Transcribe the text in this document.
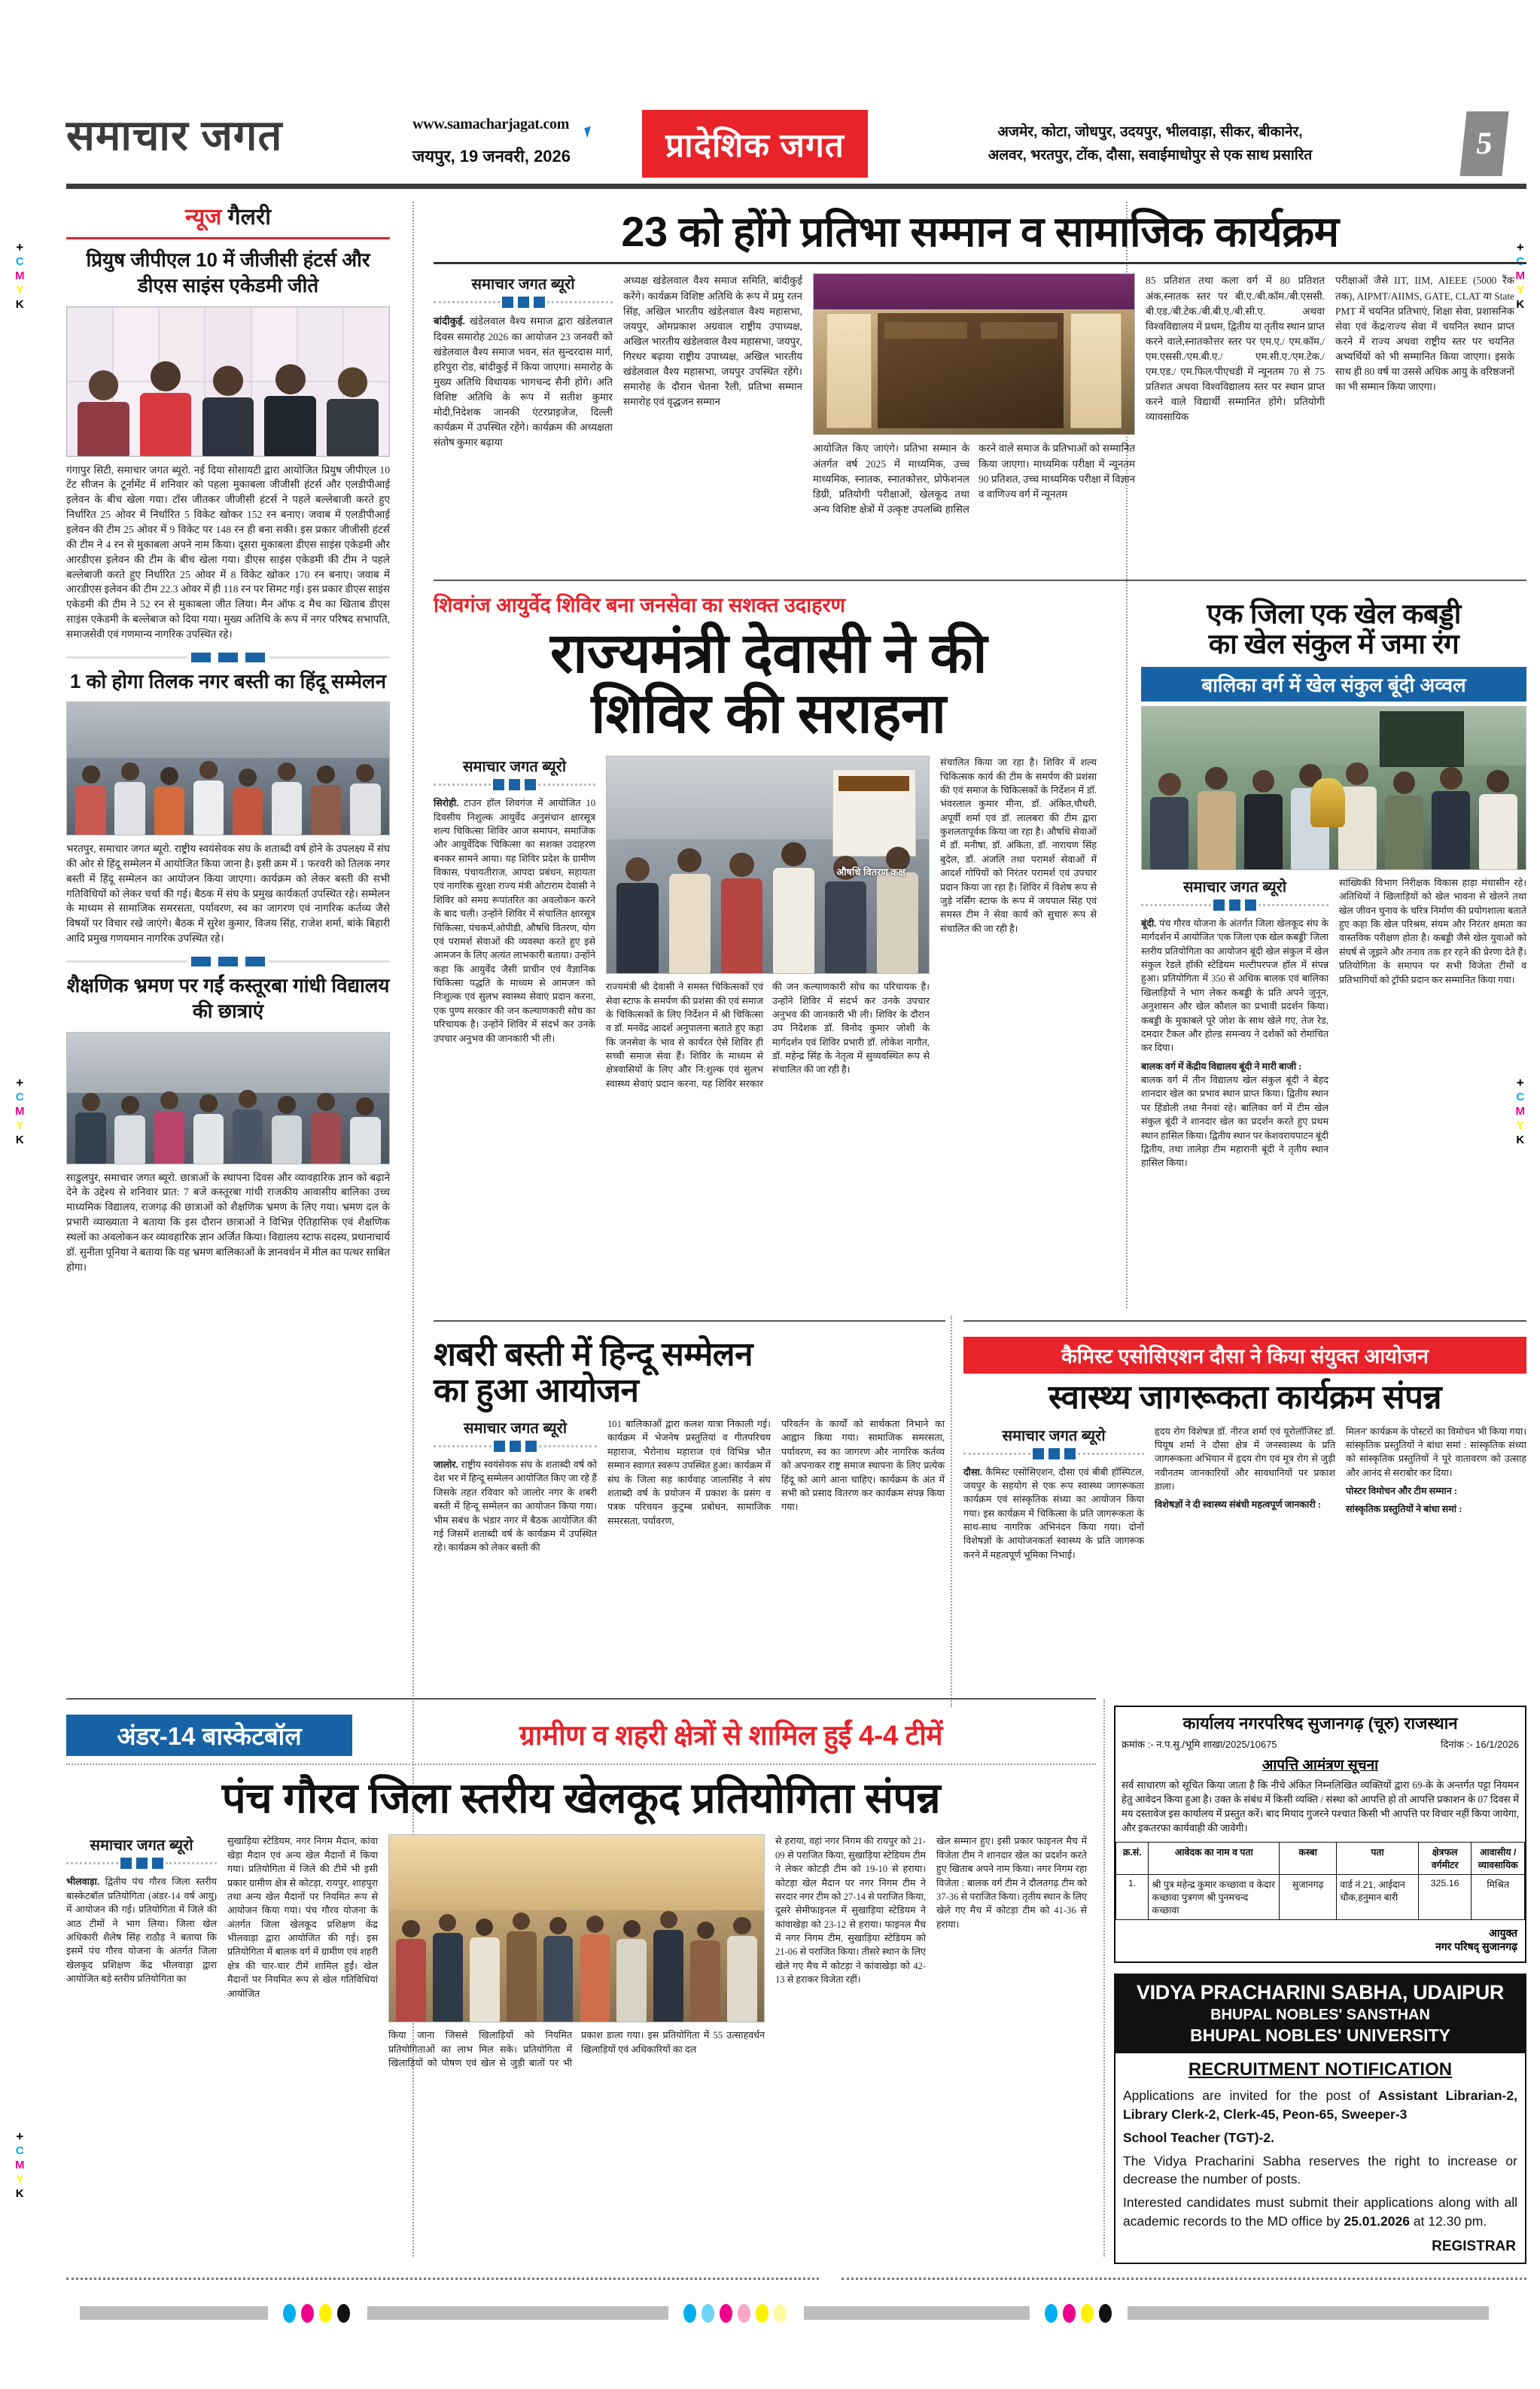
+
C
M
Y
K
+
M
Y
K
+
C
M
Y
K
+
C
M
Y
K
+
C
M
Y
K
समाचार जगत	www.samacharjagat.com
जयपुर, 19 जनवरी, 2026	प्रादेशिक जगत	अजमेर, कोटा, जोधपुर, उदयपुर, भीलवाड़ा, सीकर, बीकानेर,
अलवर, भरतपुर, टोंक, दौसा, सवाईमाधोपुर से एक साथ प्रसारित	5
न्यूज गैलरी
प्रियुष जीपीएल 10 में जीजीसी हंटर्स और डीएस साइंस एकेडमी जीते
गंगापुर सिटी, समाचार जगत ब्यूरो. नई दिया सोसायटी द्वारा आयोजित प्रियुष जीपीएल 10 टेंट सीजन के टूर्नामेंट में शनिवार को पहला मुकाबला जीजीसी हंटर्स और एलडीपीआई इलेवन के बीच खेला गया। टॉस जीतकर जीजीसी हंटर्स ने पहले बल्लेबाजी करते हुए निर्धारित 25 ओवर में निर्धारित 5 विकेट खोकर 152 रन बनाए। जवाब में एलडीपीआई इलेवन की टीम 25 ओवर में 9 विकेट पर 148 रन ही बना सकी। इस प्रकार जीजीसी हंटर्स की टीम ने 4 रन से मुकाबला अपने नाम किया। दूसरा मुकाबला डीएस साइंस एकेडमी और आरडीएस इलेवन की टीम के बीच खेला गया। डीएस साइंस एकेडमी की टीम ने पहले बल्लेबाजी करते हुए निर्धारित 25 ओवर में 8 विकेट खोकर 170 रन बनाए। जवाब में आरडीएस इलेवन की टीम 22.3 ओवर में ही 118 रन पर सिमट गई। इस प्रकार डीएस साइंस एकेडमी की टीम ने 52 रन से मुकाबला जीत लिया। मैन ऑफ द मैच का खिताब डीएस साइंस एकेडमी के बल्लेबाज को दिया गया। मुख्य अतिथि के रूप में नगर परिषद सभापति, समाजसेवी एवं गणमान्य नागरिक उपस्थित रहे।
1 को होगा तिलक नगर बस्ती का हिंदू सम्मेलन
भरतपुर, समाचार जगत ब्यूरो. राष्ट्रीय स्वयंसेवक संघ के शताब्दी वर्ष होने के उपलक्ष्य में संघ की ओर से हिंदू सम्मेलन में आयोजित किया जाना है। इसी क्रम में 1 फरवरी को तिलक नगर बस्ती में हिंदू सम्मेलन का आयोजन किया जाएगा। कार्यक्रम को लेकर बस्ती की सभी गतिविधियों को लेकर चर्चा की गई। बैठक में संघ के प्रमुख कार्यकर्ता उपस्थित रहे। सम्मेलन के माध्यम से सामाजिक समरसता, पर्यावरण, स्व का जागरण एवं नागरिक कर्तव्य जैसे विषयों पर विचार रखे जाएंगे। बैठक में सुरेश कुमार, विजय सिंह, राजेश शर्मा, बांके बिहारी आदि प्रमुख गणयमान नागरिक उपस्थित रहे।
शैक्षणिक भ्रमण पर गईं कस्तूरबा गांधी विद्यालय की छात्राएं
साडुलपुर, समाचार जगत ब्यूरो. छात्राओं के स्थापना दिवस और व्यावहारिक ज्ञान को बढ़ाने देने के उद्देश्य से शनिवार प्रात: 7 बजे कस्तूरबा गांधी राजकीय आवासीय बालिका उच्च माध्यमिक विद्यालय, राजगढ़ की छात्राओं को शैक्षणिक भ्रमण के लिए गया। भ्रमण दल के प्रभारी व्याख्याता ने बताया कि इस दौरान छात्राओं ने विभिन्न ऐतिहासिक एवं शैक्षणिक स्थलों का अवलोकन कर व्यावहारिक ज्ञान अर्जित किया। विद्यालय स्टाफ सदस्य, प्रधानाचार्य डॉ. सुनीता पूनिया ने बताया कि यह भ्रमण बालिकाओं के ज्ञानवर्धन में मील का पत्थर साबित होगा।
23 को होंगे प्रतिभा सम्मान व सामाजिक कार्यक्रम
समाचार जगत ब्यूरो
बांदीकुई. खंडेलवाल वैश्य समाज द्वारा खंडेलवाल दिवस समारोह 2026 का आयोजन 23 जनवरी को खंडेलवाल वैश्य समाज भवन, संत सुन्दरदास मार्ग, हरिपुरा रोड, बांदीकुई में किया जाएगा। समारोह के मुख्य अतिथि विधायक भागचन्द सैनी होंगे। अति विशिष्ट अतिथि के रूप में सतीश कुमार मोदी,निदेशक जानकी एंटरप्राइजेज, दिल्ली कार्यक्रम में उपस्थित रहेंगे। कार्यक्रम की अध्यक्षता संतोष कुमार बढ़ाया
अध्यक्ष खंडेलवाल वैश्य समाज समिति, बांदीकुई करेंगे। कार्यक्रम विशिष्ट अतिथि के रूप में प्रमु रतन सिंह, अखिल भारतीय खंडेलवाल वैश्य महासभा, जयपुर, ओमप्रकाश अग्रवाल राष्ट्रीय उपाध्यक्ष, अखिल भारतीय खंडेलवाल वैश्य महासभा, जयपुर, गिरधर बढ़ाया राष्ट्रीय उपाध्यक्ष, अखिल भारतीय खंडेलवाल वैश्य महासभा, जयपुर उपस्थित रहेंगे। समारोह के दौरान चेतना रैली, प्रतिभा सम्मान समारोह एवं वृद्धजन सम्मान
आयोजित किए जाएंगे। प्रतिभा सम्मान के अंतर्गत वर्ष 2025 में माध्यमिक, उच्च माध्यमिक, स्नातक, स्नातकोत्तर, प्रोफेशनल डिग्री, प्रतियोगी परीक्षाओं, खेलकूद तथा अन्य विशिष्ट क्षेत्रों में उत्कृष्ट उपलब्धि हासिल करने वाले समाज के प्रतिभाओं को सम्मानित किया जाएगा। माध्यमिक परीक्षा में न्यूनतम 90 प्रतिशत, उच्च माध्यमिक परीक्षा में विज्ञान व वाणिज्य वर्ग में न्यूनतम
85 प्रतिशत तथा कला वर्ग में 80 प्रतिशत अंक,स्नातक स्तर पर बी.ए./बी.कॉम./बी.एससी. बी.एड./बी.टेक./बी.बी.ए./बी.सी.ए. अथवा विश्वविद्यालय में प्रथम, द्वितीय या तृतीय स्थान प्राप्त करने वाले,स्नातकोत्तर स्तर पर एम.ए./ एम.कॉम./एम.एससी./एम.बी.ए./ एम.सी.ए./एम.टेक./एम.एड./ एम.फिल/पीएचडी में न्यूनतम 70 से 75 प्रतिशत अथवा विश्वविद्यालय स्तर पर स्थान प्राप्त करने वाले विद्यार्थी सम्मानित होंगे। प्रतियोगी व्यावसायिक
परीक्षाओं जैसे IIT, IIM, AIEEE (5000 रैंक तक), AIPMT/AIIMS, GATE, CLAT या State PMT में चयनित प्रतिभाएं, शिक्षा सेवा, प्रशासनिक सेवा एवं केंद्र/राज्य सेवा में चयनित स्थान प्राप्त करने में राज्य अथवा राष्ट्रीय स्तर पर चयनित अभ्यर्थियों को भी सम्मानित किया जाएगा। इसके साथ ही 80 वर्ष या उससे अधिक आयु के वरिष्ठजनों का भी सम्मान किया जाएगा।
शिवगंज आयुर्वेद शिविर बना जनसेवा का सशक्त उदाहरण
राज्यमंत्री देवासी ने की
शिविर की सराहना
समाचार जगत ब्यूरो
सिरोही. टाउन हॉल शिवगंज में आयोजित 10 दिवसीय निशुल्क आयुर्वेद अनुसंधान क्षारसूत्र शल्य चिकित्सा शिविर आज समापन, समाजिक और आयुर्वेदिक चिकित्सा का सशक्त उदाहरण बनकर सामने आया। यह शिविर प्रदेश के ग्रामीण विकास, पंचायतीराज, आपदा प्रबंधन, सहायता एवं नागरिक सुरक्षा राज्य मंत्री ओटाराम देवासी ने शिविर को समग्र रूपांतरित का अवलोकन करने के बाद चली। उन्होंने शिविर में संचालित क्षारसूत्र चिकित्सा, पंचकर्म,ओपीडी, औषधि वितरण, योग एवं परामर्श सेवाओं की व्यवस्था करते हुए इसे आमजन के लिए अत्यंत लाभकारी बताया। उन्होंने कहा कि आयुर्वेद जैसी प्राचीन एवं वैज्ञानिक चिकित्सा पद्धति के माध्यम से आमजन को निःशुल्क एवं सुलभ स्वास्थ्य सेवाएं प्रदान करना, एक पुण्य सरकार की जन कल्याणकारी सोच का परिचायक है। उन्होंने शिविर में संदर्भ कर उनके उपचार अनुभव की जानकारी भी ली।
औषधि वितरण कक्ष
राज्यमंत्री श्री देवासी ने समस्त चिकित्सकों एवं सेवा स्टाफ के समर्पण की प्रशंसा की एवं समाज के चिकित्सकों के लिए निर्देशन में श्री चिकित्सा व डॉ. मनवेंद्र आदर्श अनुपालना बताते हुए कहा कि जनसेवा के भाव से कार्यरत ऐसे शिविर ही सच्ची समाज सेवा हैं। शिविर के माध्यम से क्षेत्रवासियों के लिए और नि:शुल्क एवं सुलभ स्वास्थ्य सेवाएं प्रदान करना, यह शिविर सरकार की जन कल्याणकारी सोच का परिचायक है। उन्होंने शिविर में संदर्भ कर उनके उपचार अनुभव की जानकारी भी ली। शिविर के दौरान उप निदेशक डॉ. विनोद कुमार जोशी के मार्गदर्शन एवं शिविर प्रभारी डॉ. लोकेश नागौत, डॉ. महेन्द्र सिंह के नेतृत्व में सुव्यवस्थित रूप से संचालित की जा रही है।
संचालित किया जा रहा है। शिविर में शल्य चिकित्सक कार्य की टीम के समर्पण की प्रशंसा की एवं समाज के चिकित्सकों के निर्देशन में डॉ. भंवरलाल कुमार मीना, डॉ. अंकित,चौधरी, अपूर्वी शर्मा एवं डॉ. लालबरा की टीम द्वारा कुशलतापूर्वक किया जा रहा है। औषधि सेवाओं में डॉ. मनीषा, डॉ. अंकिता, डॉ. नारायण सिंह बुदेल, डॉ. अंजलि तथा परामर्श सेवाओं में आदर्श गोपियों को निरंतर परामर्श एवं उपचार प्रदान किया जा रहा है। शिविर में विशेष रूप से जुड़े नर्सिंग स्टाफ के रूप में जयपाल सिंह एवं समस्त टीम ने सेवा कार्य को सुचारु रूप से संचालित की जा रही है।
एक जिला एक खेल कबड्डी
का खेल संकुल में जमा रंग
बालिका वर्ग में खेल संकुल बूंदी अव्वल
समाचार जगत ब्यूरो
बूंदी. पंच गौरव योजना के अंतर्गत जिला खेलकूद संघ के मार्गदर्शन में आयोजित 'एक जिला एक खेल कबड्डी' जिला स्तरीय प्रतियोगिता का आयोजन बूंदी खेल संकुल में खेल संकुल रेडले हॉकी स्टेडियम मल्टीपरपज हॉल में संपन्न हुआ। प्रतियोगिता में 350 से अधिक बालक एवं बालिका खिलाड़ियों ने भाग लेकर कबड्डी के प्रति अपने जुनून, अनुशासन और खेल कौशल का प्रभावी प्रदर्शन किया। कबड्डी के मुकाबले पूरे जोश के साथ खेले गए, तेज रेड, दमदार टैकल और होल्ड समन्वय ने दर्शकों को रोमांचित कर दिया।
बालक वर्ग में केंद्रीय विद्यालय बूंदी ने मारी बाजी :
बालक वर्ग में तीन विद्यालय खेल संकुल बूंदी ने बेहद शानदार खेल का प्रभाव स्थान प्राप्त किया। द्वितीय स्थान पर हिंडोली तथा नैनवां रहे। बालिका वर्ग में टीम खेल संकुल बूंदी ने शानदार खेल का प्रदर्शन करते हुए प्रथम स्थान हासिल किया। द्वितीय स्थान पर केशवरायपाटन बूंदी द्वितीय, तथा तालेड़ा टीम महारानी बूंदी ने तृतीय स्थान हासिल किया।
सांख्यिकी विभाग निरीक्षक विकास हाड़ा मंचासीन रहे। अतिथियों ने खिलाड़ियों को खेल भावना से खेलने तथा खेल जीवन चुनाव के चरित्र निर्माण की प्रयोगशाला बताते हुए कहा कि खेल परिश्रम, संयम और निरंतर क्षमता का वास्तविक परीक्षण होता है। कबड्डी जैसे खेल युवाओं को संघर्ष से जूझने और तनाव तक हर रहने की प्रेरणा देते हैं। प्रतियोगिता के समापन पर सभी विजेता टीमों व प्रतिभागियों को ट्रॉफी प्रदान कर सम्मानित किया गया।
शबरी बस्ती में हिन्दू सम्मेलन
का हुआ आयोजन
समाचार जगत ब्यूरो
जालोर. राष्ट्रीय स्वयंसेवक संघ के शताब्दी वर्ष को देश भर में हिन्दू सम्मेलन आयोजित किए जा रहे हैं जिसके तहत रविवार को जालोर नगर के शबरी बस्ती में हिन्दू सम्मेलन का आयोजन किया गया। भीम सबंध के भंडार नगर में बैठक आयोजित की गई जिसमें शताब्दी वर्ष के कार्यक्रम में उपस्थित रहे। कार्यक्रम को लेकर बस्ती की
101 बालिकाओं द्वारा कलश यात्रा निकाली गई। कार्यक्रम में भेजनेष प्रस्तुतियां व गीतपरिचय महाराज, भैरोनाथ महाराज एवं विभिन्न भौत सम्मान स्वागत स्वरूप उपस्थित हुआ। कार्यक्रम में संघ के जिला सह कार्यवाह जालासिंह ने संघ शताब्दी वर्ष के प्रयोजन में प्रकाश के प्रसंग व पत्रक परिचयन कुटुम्ब प्रबोधन, सामाजिक समरसता, पर्यावरण,
परिवर्तन के कार्यों को सार्थकता निभाने का आह्वान किया गया। सामाजिक समरसता, पर्यावरण, स्व का जागरण और नागरिक कर्तव्य को अपनाकर राष्ट्र समाज स्थापना के लिए प्रत्येक हिंदू को आगे आना चाहिए। कार्यक्रम के अंत में सभी को प्रसाद वितरण कर कार्यक्रम संपन्न किया गया।
कैमिस्ट एसोसिएशन दौसा ने किया संयुक्त आयोजन
स्वास्थ्य जागरूकता कार्यक्रम संपन्न
समाचार जगत ब्यूरो
दौसा. कैमिस्ट एसोसिएशन, दौसा एवं बीबी हॉस्पिटल, जयपुर के सहयोग से एक रूप स्वास्थ्य जागरूकता कार्यक्रम एवं सांस्कृतिक संध्या का आयोजन किया गया। इस कार्यक्रम में चिकित्सा के प्रति जागरूकता के साथ-साथ नागरिक अभिनंदन किया गया। दोनों विशेषज्ञों के आयोजनकर्ता स्वास्थ्य के प्रति जागरूक करने में महत्वपूर्ण भूमिका निभाई।
हृदय रोग विशेषज्ञ डॉ. नीरज शर्मा एवं यूरोलॉजिस्ट डॉ. पियूष शर्मा ने दौसा क्षेत्र में जनस्वास्थ्य के प्रति जागरूकता अभियान में हृदय रोग एवं मूत्र रोग से जुड़ी नवीनतम जानकारियों और सावधानियों पर प्रकाश डाला।
विशेषज्ञों ने दी स्वास्थ्य संबंधी महत्वपूर्ण जानकारी :
मिलन' कार्यक्रम के पोस्टरों का विमोचन भी किया गया। सांस्कृतिक प्रस्तुतियों ने बांधा समां : सांस्कृतिक संध्या को सांस्कृतिक प्रस्तुतियों ने पूरे वातावरण को उत्साह और आनंद से सराबोर कर दिया।
पोस्टर विमोचन और टीम सम्मान :
सांस्कृतिक प्रस्तुतियों ने बांधा समां :
अंडर-14 बास्केटबॉल	ग्रामीण व शहरी क्षेत्रों से शामिल हुईं 4-4 टीमें
पंच गौरव जिला स्तरीय खेलकूद प्रतियोगिता संपन्न
समाचार जगत ब्यूरो
भीलवाड़ा. द्वितीय पंच गौरव जिला स्तरीय बास्केटबॉल प्रतियोगिता (अंडर-14 वर्ष आयु) में आयोजन की गई। प्रतियोगिता में जिले की आठ टीमों ने भाग लिया। जिला खेल अधिकारी शैलेष सिंह राठौड़ ने बताया कि इसमें पंच गौरव योजना के अंतर्गत जिला खेलकूद प्रशिक्षण केंद्र भीलवाड़ा द्वारा आयोजित बड़े स्तरीय प्रतियोगिता का
सुखाड़िया स्टेडियम, नगर निगम मैदान, कांवा खेड़ा मैदान एवं अन्य खेल मैदानों में किया गया। प्रतियोगिता में जिले की टीमें भी इसी प्रकार ग्रामीण क्षेत्र से कोटड़ा, रायपुर, शाहपुरा तथा अन्य खेल मैदानों पर नियमित रूप से आयोजन किया गया। पंच गौरव योजना के अंतर्गत जिला खेलकूद प्रशिक्षण केंद्र भीलवाड़ा द्वारा आयोजित की गई। इस प्रतियोगिता में बालक वर्ग में ग्रामीण एवं शहरी क्षेत्र की चार-चार टीमें शामिल हुईं। खेल मैदानों पर नियमित रूप से खेल गतिविधियां आयोजित
किया जाना जिससे खिलाड़ियों को नियमित प्रतियोगिताओं का लाभ मिल सके। प्रतियोगिता में खिलाड़ियों को पोषण एवं खेल से जुड़ी बातों पर भी प्रकाश डाला गया। इस प्रतियोगिता में 55 उत्साहवर्धन खिलाड़ियों एवं अधिकारियों का दल
से हराया, वहां नगर निगम की रायपुर को 21-09 से पराजित किया, सुखाड़िया स्टेडियम टीम ने लेकर कोटड़ी टीम को 19-10 से हराया। कोटड़ा खेल मैदान पर नगर निगम टीम ने सरदार नगर टीम को 27-14 से पराजित किया, दूसरे सेमीफाइनल में सुखाड़िया स्टेडियम ने कांवाखेड़ा को 23-12 से हराया। फाइनल मैच में नगर निगम टीम, सुखाड़िया स्टेडियम को 21-06 से पराजित किया। तीसरे स्थान के लिए खेले गए मैच में कोटड़ा ने कांवाखेड़ा को 42-13 से हराकर विजेता रहीं।
खेल सम्मान हुए। इसी प्रकार फाइनल मैच में विजेता टीम ने शानदार खेल का प्रदर्शन करते हुए खिताब अपने नाम किया। नगर निगम रहा विजेता : बालक वर्ग टीम ने दौलतगढ़ टीम को 37-36 से पराजित किया। तृतीय स्थान के लिए खेले गए मैच में कोटड़ा टीम को 41-36 से हराया।
कार्यालय नगरपरिषद सुजानगढ़ (चूरु) राजस्थान
क्रमांक :- न.प.सु./भूमि शाखा/2025/10675	दिनांक :- 16/1/2026
आपत्ति आमंत्रण सूचना
सर्व साधारण को सूचित किया जाता है कि नीचे अंकित निम्नलिखित व्यक्तियों द्वारा 69-के के अन्तर्गत पट्टा नियमन हेतु आवेदन किया हुआ है। उक्त के संबंध में किसी व्यक्ति / संस्था को आपत्ति हो तो आपत्ति प्रकाशन के 07 दिवस में मय दस्तावेज इस कार्यालय में प्रस्तुत करें। बाद मियाद गुजरने पश्चात किसी भी आपत्ति पर विचार नहीं किया जायेगा, और इकतरफा कार्यवाही की जावेगी।
क्र.सं.	आवेदक का नाम व पता	कस्बा	पता	क्षेत्रफल वर्गमीटर	आवासीय / व्यावसायिक
1.	श्री पुत्र महेन्द्र कुमार कच्छावा व केदार कच्छावा पुत्रगण श्री पुनमचन्द कच्छावा	सुजानगढ़	वार्ड नं.21, आईदान चौक,हनुमान बारी	325.16	मिश्रित
आयुक्त
नगर परिषद् सुजानगढ़
VIDYA PRACHARINI SABHA, UDAIPUR
BHUPAL NOBLES' SANSTHAN
BHUPAL NOBLES' UNIVERSITY
RECRUITMENT NOTIFICATION
Applications are invited for the post of Assistant Librarian-2, Library Clerk-2, Clerk-45, Peon-65, Sweeper-3
School Teacher (TGT)-2.
The Vidya Pracharini Sabha reserves the right to increase or decrease the number of posts.
Interested candidates must submit their applications along with all academic records to the MD office by 25.01.2026 at 12.30 pm.
REGISTRAR
